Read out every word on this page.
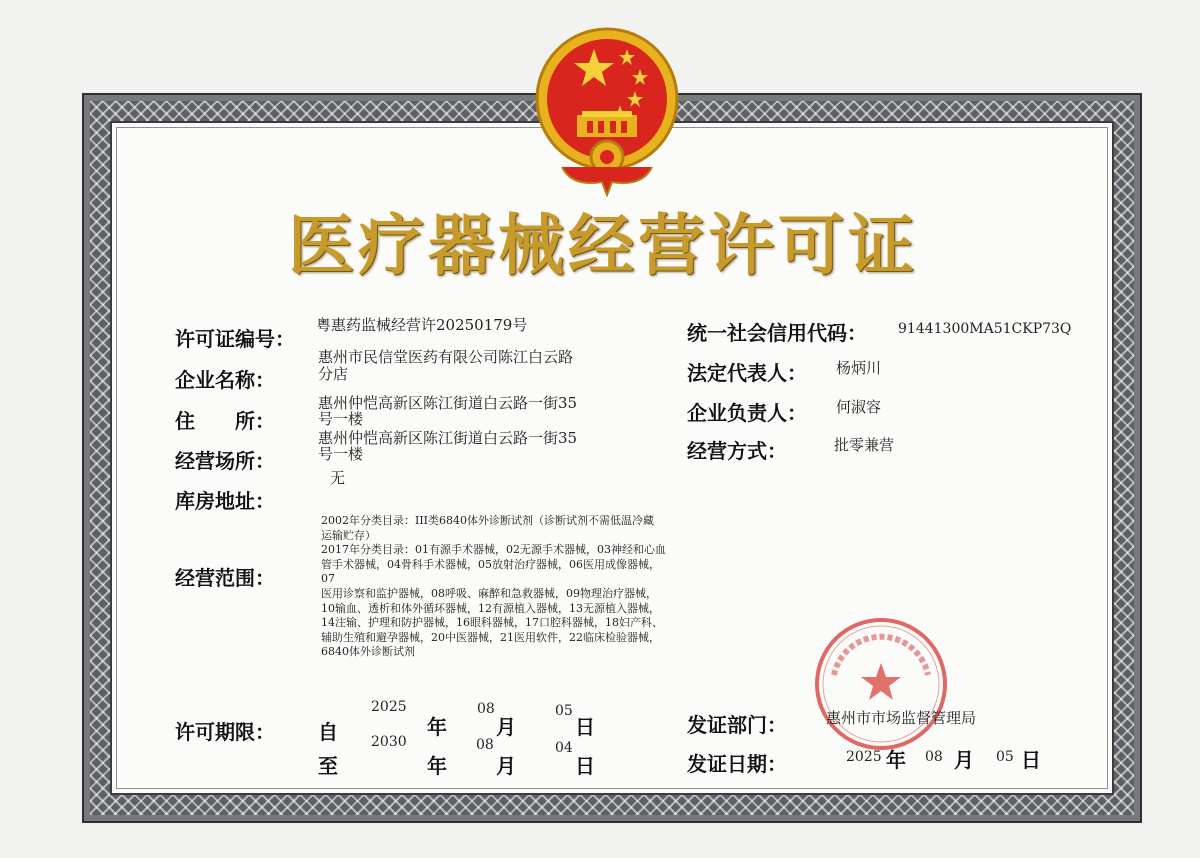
医疗器械经营许可证
许可证编号：
粤惠药监械经营许20250179号
企业名称：
惠州市民信堂医药有限公司陈江白云路
分店
住　　所：
惠州仲恺高新区陈江街道白云路一街35
号一楼
经营场所：
惠州仲恺高新区陈江街道白云路一街35
号一楼
库房地址：
无
经营范围：
2002年分类目录：III类6840体外诊断试剂（诊断试剂不需低温冷藏
运输贮存）
2017年分类目录：01有源手术器械，02无源手术器械，03神经和心血
管手术器械，04骨科手术器械，05放射治疗器械，06医用成像器械，07
医用诊察和监护器械，08呼吸、麻醉和急救器械，09物理治疗器械，
10输血、透析和体外循环器械，12有源植入器械，13无源植入器械，
14注输、护理和防护器械，16眼科器械，17口腔科器械，18妇产科、
辅助生殖和避孕器械，20中医器械，21医用软件，22临床检验器械，
6840体外诊断试剂
许可期限： 自
2025
年
08
月
05
日
至
2030
年
08
月
04
日
统一社会信用代码： 91441300MA51CKP73Q
法定代表人： 杨炳川
企业负责人： 何淑容
经营方式：	批零兼营
发证部门：	惠州市市场监督管理局
发证日期：	2025 年 08 月 05 日
